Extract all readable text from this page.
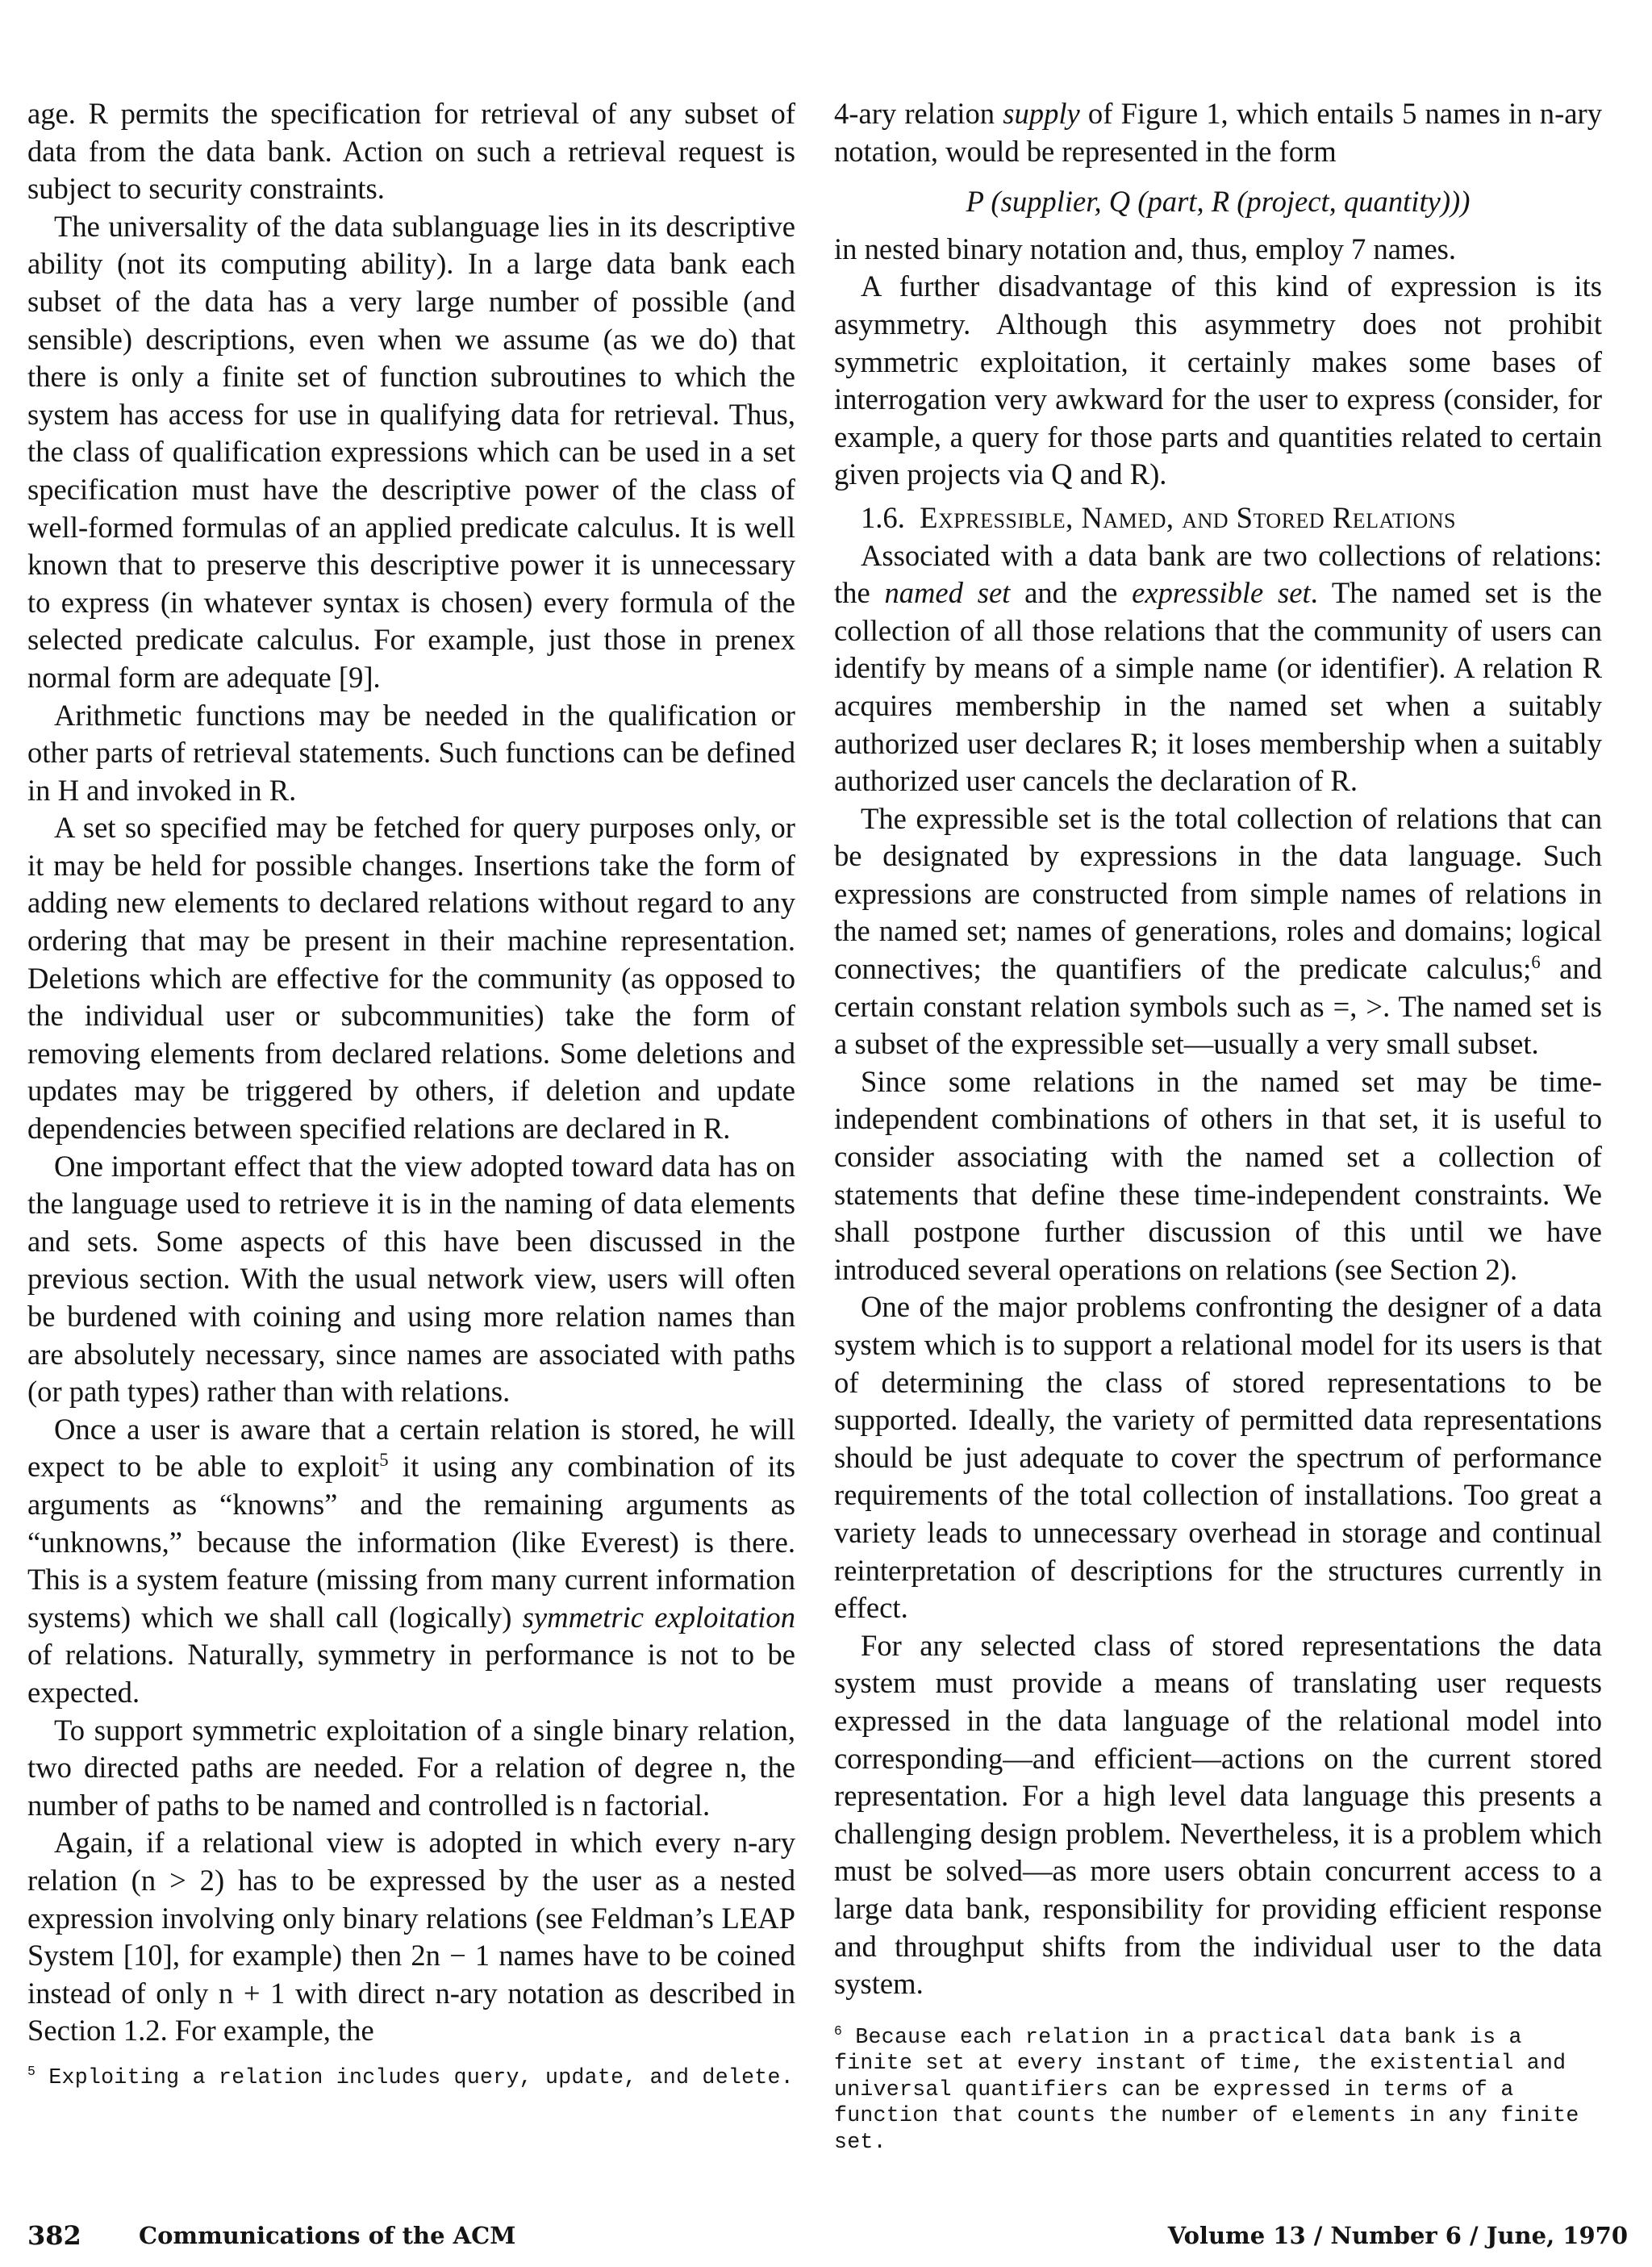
age. R permits the specification for retrieval of any subset of data from the data bank. Action on such a retrieval request is subject to security constraints.

The universality of the data sublanguage lies in its descriptive ability (not its computing ability). In a large data bank each subset of the data has a very large number of possible (and sensible) descriptions, even when we assume (as we do) that there is only a finite set of function subroutines to which the system has access for use in qualifying data for retrieval. Thus, the class of qualification expressions which can be used in a set specification must have the descriptive power of the class of well-formed formulas of an applied predicate calculus. It is well known that to preserve this descriptive power it is unnecessary to express (in whatever syntax is chosen) every formula of the selected predicate calculus. For example, just those in prenex normal form are adequate [9].

Arithmetic functions may be needed in the qualification or other parts of retrieval statements. Such functions can be defined in H and invoked in R.

A set so specified may be fetched for query purposes only, or it may be held for possible changes. Insertions take the form of adding new elements to declared relations without regard to any ordering that may be present in their machine representation. Deletions which are effective for the community (as opposed to the individual user or subcommunities) take the form of removing elements from declared relations. Some deletions and updates may be triggered by others, if deletion and update dependencies between specified relations are declared in R.

One important effect that the view adopted toward data has on the language used to retrieve it is in the naming of data elements and sets. Some aspects of this have been discussed in the previous section. With the usual network view, users will often be burdened with coining and using more relation names than are absolutely necessary, since names are associated with paths (or path types) rather than with relations.

Once a user is aware that a certain relation is stored, he will expect to be able to exploit$^5$ it using any combination of its arguments as “knowns” and the remaining arguments as “unknowns,” because the information (like Everest) is there. This is a system feature (missing from many current information systems) which we shall call (logically) symmetric exploitation of relations. Naturally, symmetry in performance is not to be expected.

To support symmetric exploitation of a single binary relation, two directed paths are needed. For a relation of degree n, the number of paths to be named and controlled is n factorial.

Again, if a relational view is adopted in which every n-ary relation (n > 2) has to be expressed by the user as a nested expression involving only binary relations (see Feldman’s LEAP System [10], for example) then 2n − 1 names have to be coined instead of only n + 1 with direct n-ary notation as described in Section 1.2. For example, the

$^5$ Exploiting a relation includes query, update, and delete.

4-ary relation supply of Figure 1, which entails 5 names in n-ary notation, would be represented in the form

P (supplier, Q (part, R (project, quantity)))

in nested binary notation and, thus, employ 7 names.

A further disadvantage of this kind of expression is its asymmetry. Although this asymmetry does not prohibit symmetric exploitation, it certainly makes some bases of interrogation very awkward for the user to express (consider, for example, a query for those parts and quantities related to certain given projects via Q and R).

1.6. Expressible, Named, and Stored Relations

Associated with a data bank are two collections of relations: the named set and the expressible set. The named set is the collection of all those relations that the community of users can identify by means of a simple name (or identifier). A relation R acquires membership in the named set when a suitably authorized user declares R; it loses membership when a suitably authorized user cancels the declaration of R.

The expressible set is the total collection of relations that can be designated by expressions in the data language. Such expressions are constructed from simple names of relations in the named set; names of generations, roles and domains; logical connectives; the quantifiers of the predicate calculus;$^6$ and certain constant relation symbols such as =, >. The named set is a subset of the expressible set—usually a very small subset.

Since some relations in the named set may be time-independent combinations of others in that set, it is useful to consider associating with the named set a collection of statements that define these time-independent constraints. We shall postpone further discussion of this until we have introduced several operations on relations (see Section 2).

One of the major problems confronting the designer of a data system which is to support a relational model for its users is that of determining the class of stored representations to be supported. Ideally, the variety of permitted data representations should be just adequate to cover the spectrum of performance requirements of the total collection of installations. Too great a variety leads to unnecessary overhead in storage and continual reinterpretation of descriptions for the structures currently in effect.

For any selected class of stored representations the data system must provide a means of translating user requests expressed in the data language of the relational model into corresponding—and efficient—actions on the current stored representation. For a high level data language this presents a challenging design problem. Nevertheless, it is a problem which must be solved—as more users obtain concurrent access to a large data bank, responsibility for providing efficient response and throughput shifts from the individual user to the data system.

$^6$ Because each relation in a practical data bank is a finite set at every instant of time, the existential and universal quantifiers can be expressed in terms of a function that counts the number of elements in any finite set.

382 Communications of the ACM	Volume 13 / Number 6 / June, 1970
